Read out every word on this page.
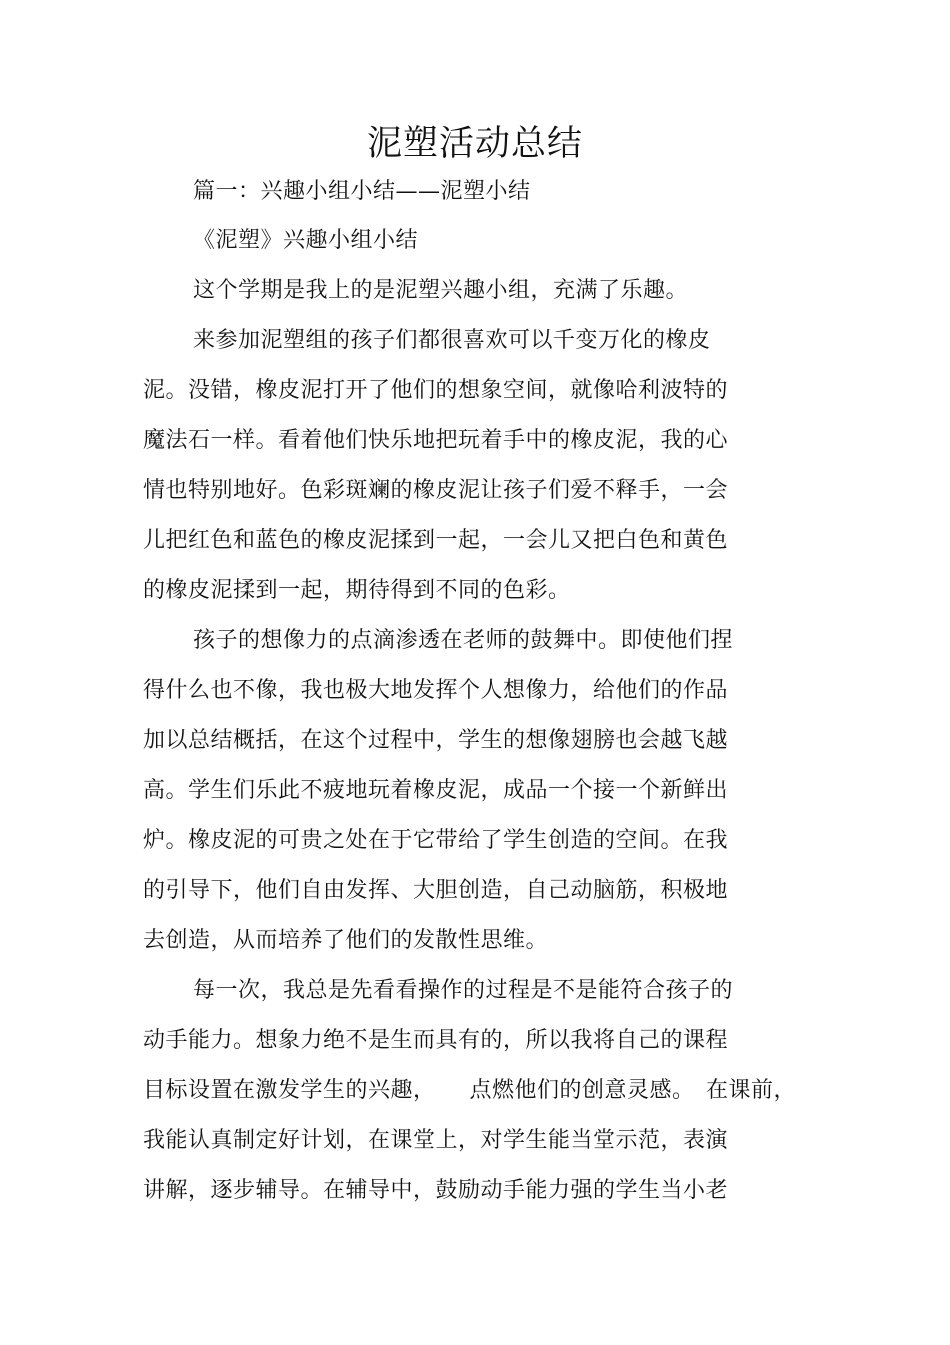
泥塑活动总结
篇一：兴趣小组小结——泥塑小结
《泥塑》兴趣小组小结
这个学期是我上的是泥塑兴趣小组，充满了乐趣。
来参加泥塑组的孩子们都很喜欢可以千变万化的橡皮
泥。没错，橡皮泥打开了他们的想象空间，就像哈利波特的
魔法石一样。看着他们快乐地把玩着手中的橡皮泥，我的心
情也特别地好。色彩斑斓的橡皮泥让孩子们爱不释手，一会
儿把红色和蓝色的橡皮泥揉到一起，一会儿又把白色和黄色
的橡皮泥揉到一起，期待得到不同的色彩。
孩子的想像力的点滴渗透在老师的鼓舞中。即使他们捏
得什么也不像，我也极大地发挥个人想像力，给他们的作品
加以总结概括，在这个过程中，学生的想像翅膀也会越飞越
高。学生们乐此不疲地玩着橡皮泥，成品一个接一个新鲜出
炉。橡皮泥的可贵之处在于它带给了学生创造的空间。在我
的引导下，他们自由发挥、大胆创造，自己动脑筋，积极地
去创造，从而培养了他们的发散性思维。
每一次，我总是先看看操作的过程是不是能符合孩子的
动手能力。想象力绝不是生而具有的，所以我将自己的课程
目标设置在激发学生的兴趣，　　点燃他们的创意灵感。　在课前，
我能认真制定好计划，在课堂上，对学生能当堂示范，表演
讲解，逐步辅导。在辅导中，鼓励动手能力强的学生当小老
